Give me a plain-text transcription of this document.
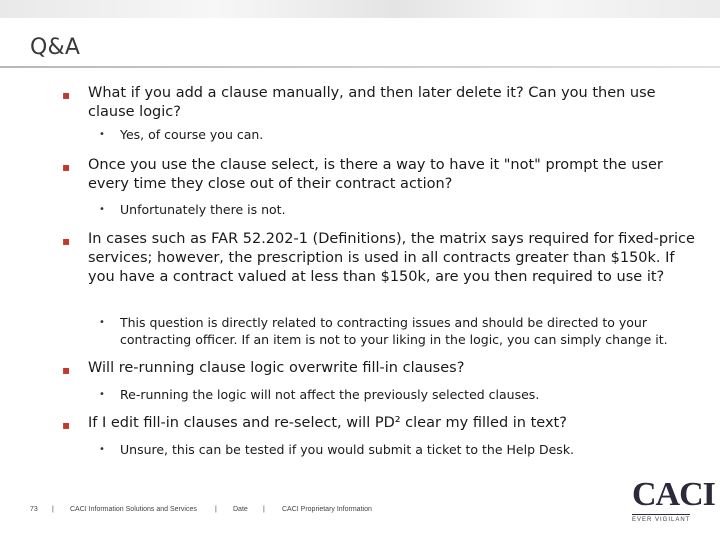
Q&A
▪
What if you add a clause manually, and then later delete it? Can you then use clause logic?
• Yes, of course you can.
▪
Once you use the clause select, is there a way to have it "not" prompt the user every time they close out of their contract action?
• Unfortunately there is not.
▪
In cases such as FAR 52.202-1 (Definitions), the matrix says required for fixed-price services; however, the prescription is used in all contracts greater than $150k. If you have a contract valued at less than $150k, are you then required to use it?
• This question is directly related to contracting issues and should be directed to your contracting officer. If an item is not to your liking in the logic, you can simply change it.
▪
Will re-running clause logic overwrite fill-in clauses?
• Re-running the logic will not affect the previously selected clauses.
▪
If I edit fill-in clauses and re-select, will PD² clear my filled in text?
• Unsure, this can be tested if you would submit a ticket to the Help Desk.
73 | CACI Information Solutions and Services	| Date | CACI Proprietary Information	CACI
EVER VIGILANT
